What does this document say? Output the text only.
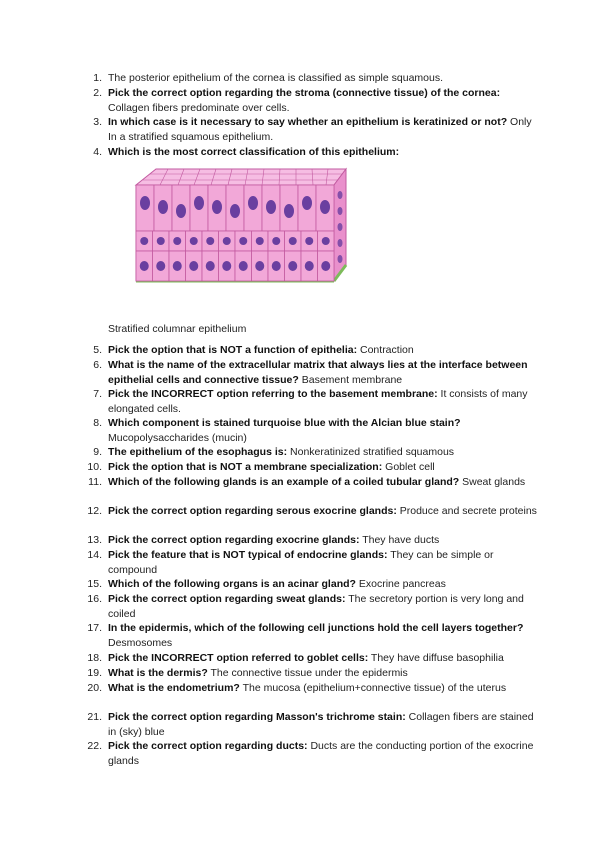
1. The posterior epithelium of the cornea is classified as simple squamous.
2. Pick the correct option regarding the stroma (connective tissue) of the cornea: Collagen fibers predominate over cells.
3. In which case is it necessary to say whether an epithelium is keratinized or not? Only In a stratified squamous epithelium.
4. Which is the most correct classification of this epithelium:
Stratified columnar epithelium
5. Pick the option that is NOT a function of epithelia: Contraction
6. What is the name of the extracellular matrix that always lies at the interface between epithelial cells and connective tissue? Basement membrane
7. Pick the INCORRECT option referring to the basement membrane: It consists of many elongated cells.
8. Which component is stained turquoise blue with the Alcian blue stain? Mucopolysaccharides (mucin)
9. The epithelium of the esophagus is: Nonkeratinized stratified squamous
10. Pick the option that is NOT a membrane specialization: Goblet cell
11. Which of the following glands is an example of a coiled tubular gland? Sweat glands
12. Pick the correct option regarding serous exocrine glands: Produce and secrete proteins
13. Pick the correct option regarding exocrine glands: They have ducts
14. Pick the feature that is NOT typical of endocrine glands: They can be simple or compound
15. Which of the following organs is an acinar gland? Exocrine pancreas
16. Pick the correct option regarding sweat glands: The secretory portion is very long and coiled
17. In the epidermis, which of the following cell junctions hold the cell layers together? Desmosomes
18. Pick the INCORRECT option referred to goblet cells: They have diffuse basophilia
19. What is the dermis? The connective tissue under the epidermis
20. What is the endometrium? The mucosa (epithelium+connective tissue) of the uterus
21. Pick the correct option regarding Masson's trichrome stain: Collagen fibers are stained in (sky) blue
22. Pick the correct option regarding ducts: Ducts are the conducting portion of the exocrine glands
